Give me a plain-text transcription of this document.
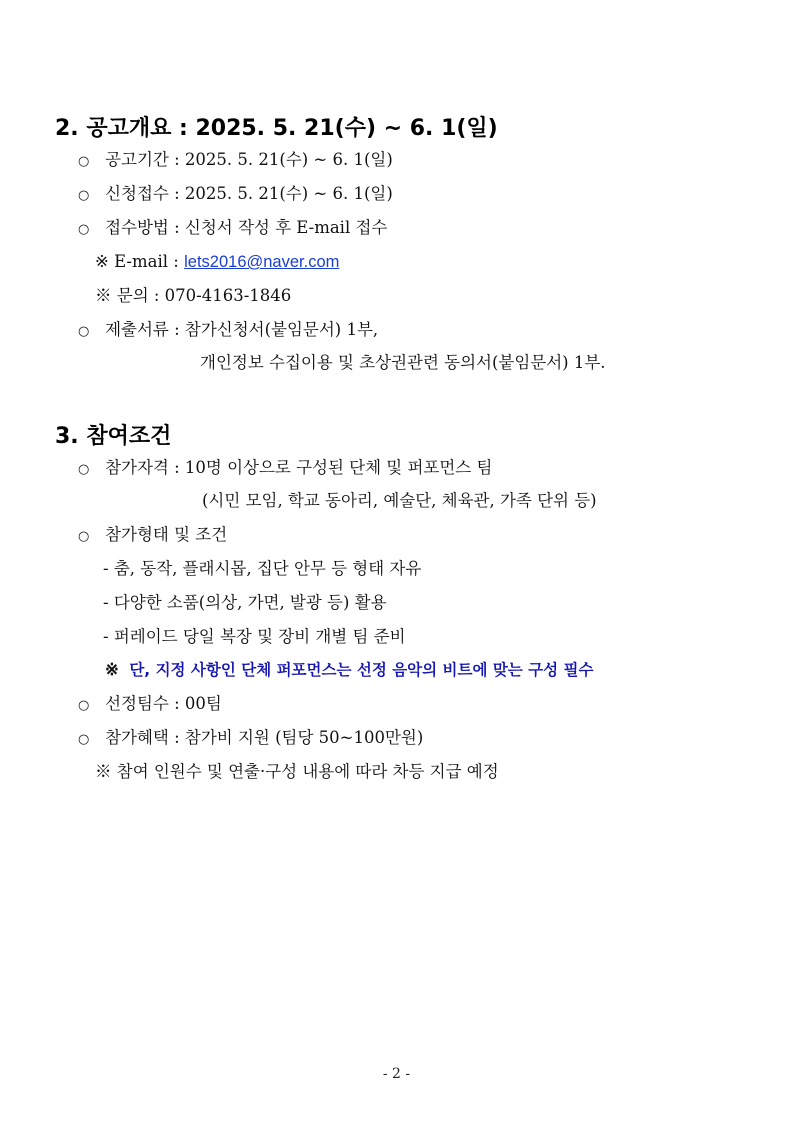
2. 공고개요 : 2025. 5. 21(수) ~ 6. 1(일)
○ 공고기간 : 2025. 5. 21(수) ~ 6. 1(일)
○ 신청접수 : 2025. 5. 21(수) ~ 6. 1(일)
○ 접수방법 : 신청서 작성 후 E-mail 접수
※ E-mail : lets2016@naver.com
※ 문의 : 070-4163-1846
○ 제출서류 : 참가신청서(붙임문서) 1부,
개인정보 수집이용 및 초상권관련 동의서(붙임문서) 1부.
3. 참여조건
○ 참가자격 : 10명 이상으로 구성된 단체 및 퍼포먼스 팀
(시민 모임, 학교 동아리, 예술단, 체육관, 가족 단위 등)
○ 참가형태 및 조건
- 춤, 동작, 플래시몹, 집단 안무 등 형태 자유
- 다양한 소품(의상, 가면, 발광 등) 활용
- 퍼레이드 당일 복장 및 장비 개별 팀 준비
※ 단, 지정 사항인 단체 퍼포먼스는 선정 음악의 비트에 맞는 구성 필수
○ 선정팀수 : 00팀
○ 참가혜택 : 참가비 지원 (팀당 50~100만원)
※ 참여 인원수 및 연출·구성 내용에 따라 차등 지급 예정
- 2 -
